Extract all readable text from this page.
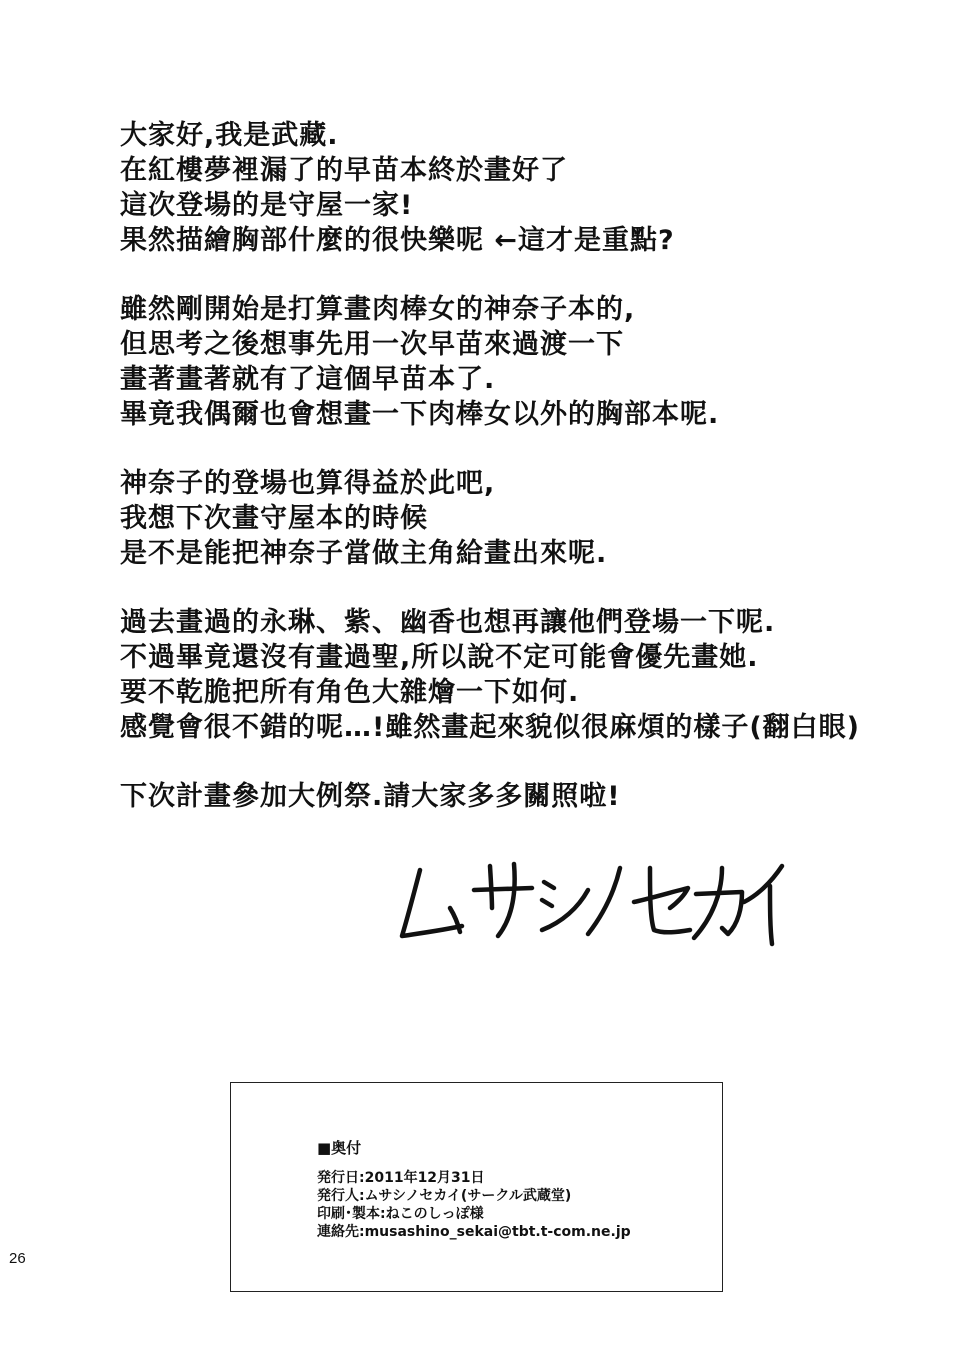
大家好,我是武藏.
在紅樓夢裡漏了的早苗本終於畫好了
這次登場的是守屋一家!
果然描繪胸部什麼的很快樂呢 ←這才是重點?
雖然剛開始是打算畫肉棒女的神奈子本的,
但思考之後想事先用一次早苗來過渡一下
畫著畫著就有了這個早苗本了.
畢竟我偶爾也會想畫一下肉棒女以外的胸部本呢.
神奈子的登場也算得益於此吧,
我想下次畫守屋本的時候
是不是能把神奈子當做主角給畫出來呢.
過去畫過的永琳、紫、幽香也想再讓他們登場一下呢.
不過畢竟還沒有畫過聖,所以說不定可能會優先畫她.
要不乾脆把所有角色大雜燴一下如何.
感覺會很不錯的呢…!雖然畫起來貌似很麻煩的樣子(翻白眼)
下次計畫參加大例祭.請大家多多關照啦!
■奥付
発行日:2011年12月31日
発行人:ムサシノセカイ(サークル武蔵堂)
印刷･製本:ねこのしっぽ様
連絡先:musashino_sekai@tbt.t-com.ne.jp
26
